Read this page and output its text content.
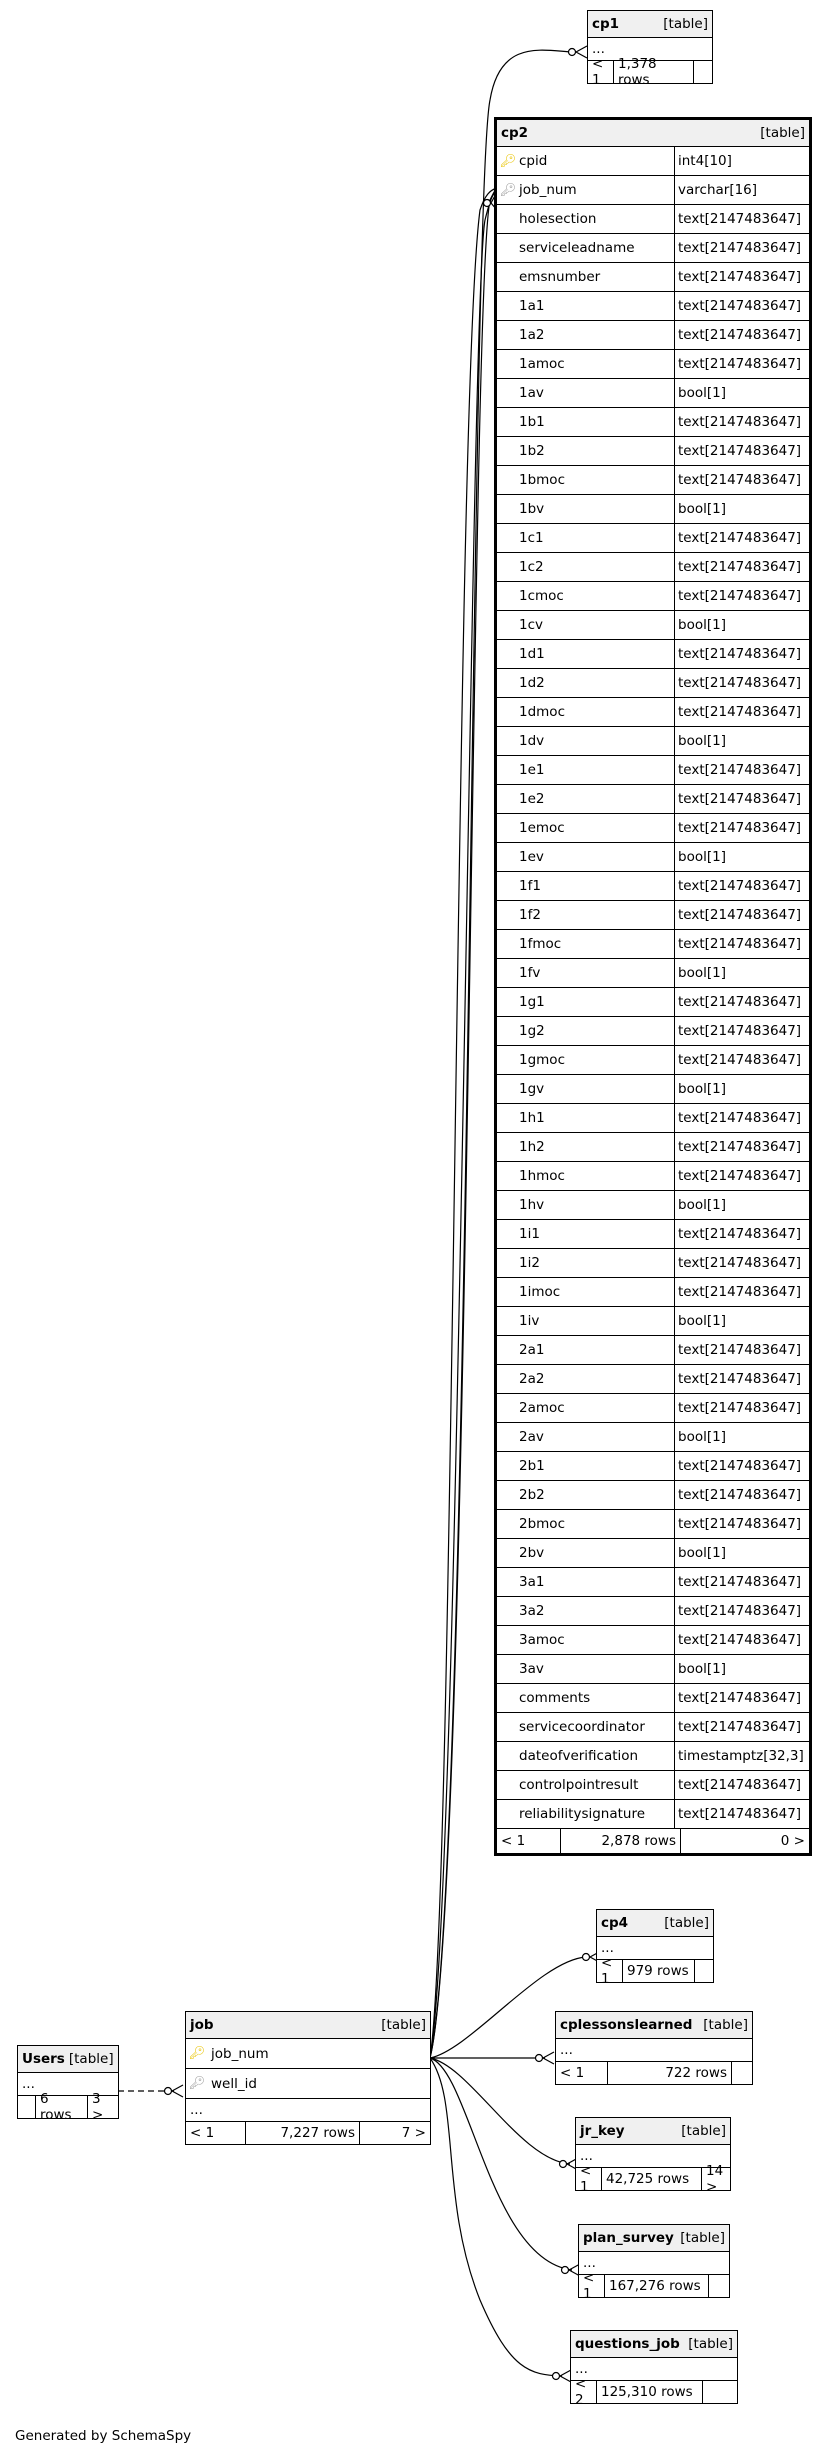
cp1	[table]
...
< 1
1,378 rows
cp2	[table]
🔑︎ cpid	int4[10]
🔑︎ job_num	varchar[16]
holesection	text[2147483647]
serviceleadname	text[2147483647]
emsnumber	text[2147483647]
1a1	text[2147483647]
1a2	text[2147483647]
1amoc	text[2147483647]
1av	bool[1]
1b1	text[2147483647]
1b2	text[2147483647]
1bmoc	text[2147483647]
1bv	bool[1]
1c1	text[2147483647]
1c2	text[2147483647]
1cmoc	text[2147483647]
1cv	bool[1]
1d1	text[2147483647]
1d2	text[2147483647]
1dmoc	text[2147483647]
1dv	bool[1]
1e1	text[2147483647]
1e2	text[2147483647]
1emoc	text[2147483647]
1ev	bool[1]
1f1	text[2147483647]
1f2	text[2147483647]
1fmoc	text[2147483647]
1fv	bool[1]
1g1	text[2147483647]
1g2	text[2147483647]
1gmoc	text[2147483647]
1gv	bool[1]
1h1	text[2147483647]
1h2	text[2147483647]
1hmoc	text[2147483647]
1hv	bool[1]
1i1	text[2147483647]
1i2	text[2147483647]
1imoc	text[2147483647]
1iv	bool[1]
2a1	text[2147483647]
2a2	text[2147483647]
2amoc	text[2147483647]
2av	bool[1]
2b1	text[2147483647]
2b2	text[2147483647]
2bmoc	text[2147483647]
2bv	bool[1]
3a1	text[2147483647]
3a2	text[2147483647]
3amoc	text[2147483647]
3av	bool[1]
comments	text[2147483647]
servicecoordinator	text[2147483647]
dateofverification	timestamptz[32,3]
controlpointresult	text[2147483647]
reliabilitysignature	text[2147483647]
< 1	2,878 rows	0 >
cp4	[table]
...
< 1	979 rows
cplessonslearned [table]
...
< 1	722 rows
jr_key	[table]
...
< 1	42,725 rows	14 >
plan_survey [table]
...
< 1	167,276 rows
questions_job [table]
...
< 2	125,310 rows
job	[table]
🔑︎ job_num
🔑︎ well_id
...
< 1	7,227 rows	7 >
Users [table]
...
6 rows
3 >
Generated by SchemaSpy
